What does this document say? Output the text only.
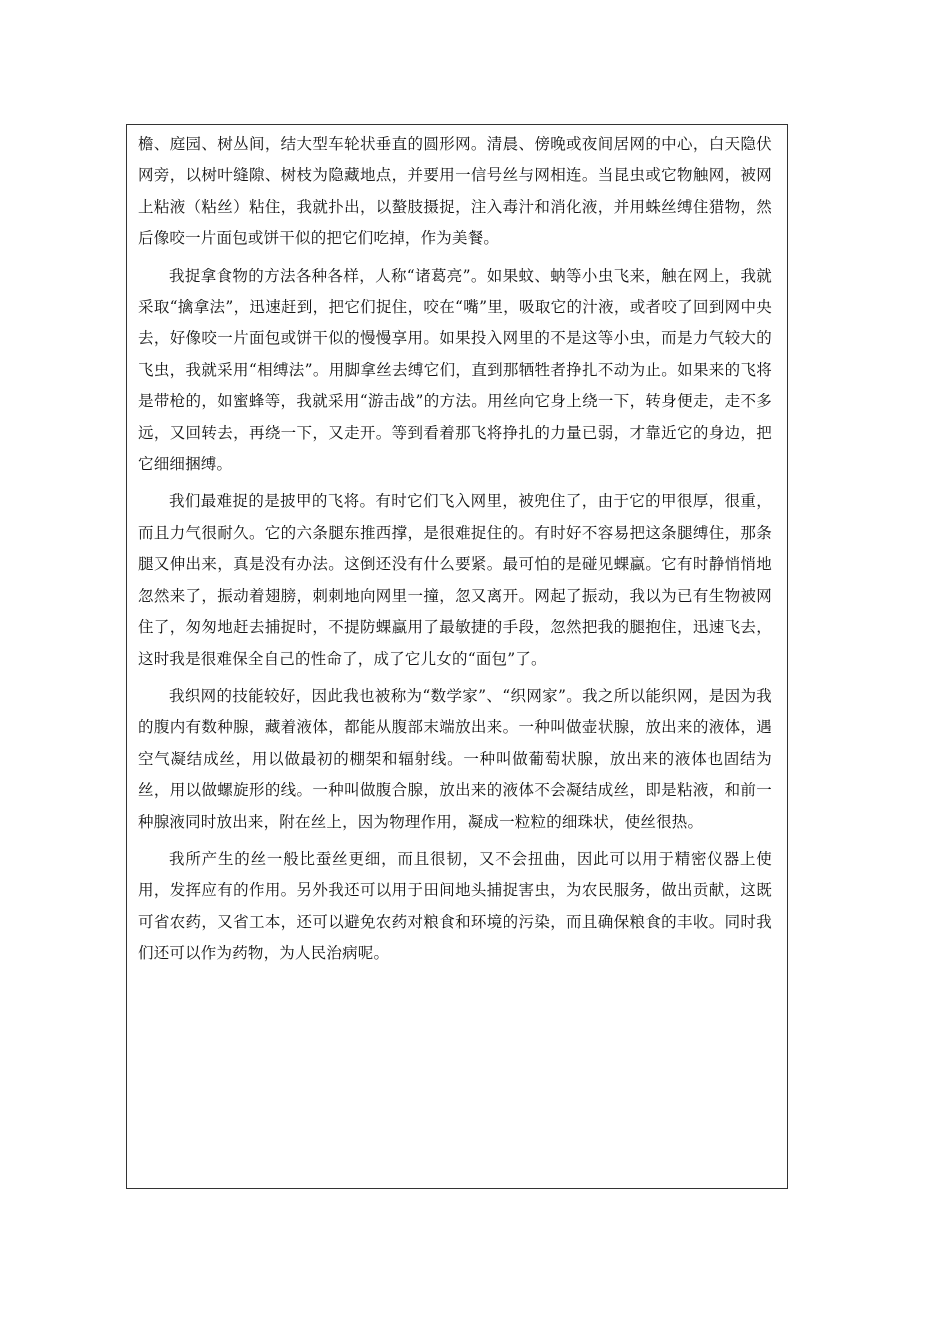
檐、庭园、树丛间，结大型车轮状垂直的圆形网。清晨、傍晚或夜间居网的中心，白天隐伏网旁，以树叶缝隙、树枝为隐藏地点，并要用一信号丝与网相连。当昆虫或它物触网，被网上粘液（粘丝）粘住，我就扑出，以螯肢摄捉，注入毒汁和消化液，并用蛛丝缚住猎物，然后像咬一片面包或饼干似的把它们吃掉，作为美餐。

我捉拿食物的方法各种各样，人称“诸葛亮”。如果蚊、蚋等小虫飞来，触在网上，我就采取“擒拿法”，迅速赶到，把它们捉住，咬在“嘴”里，吸取它的汁液，或者咬了回到网中央去，好像咬一片面包或饼干似的慢慢享用。如果投入网里的不是这等小虫，而是力气较大的飞虫，我就采用“相缚法”。用脚拿丝去缚它们，直到那牺牲者挣扎不动为止。如果来的飞将是带枪的，如蜜蜂等，我就采用“游击战”的方法。用丝向它身上绕一下，转身便走，走不多远，又回转去，再绕一下，又走开。等到看着那飞将挣扎的力量已弱，才靠近它的身边，把它细细捆缚。

我们最难捉的是披甲的飞将。有时它们飞入网里，被兜住了，由于它的甲很厚，很重，而且力气很耐久。它的六条腿东推西撑，是很难捉住的。有时好不容易把这条腿缚住，那条腿又伸出来，真是没有办法。这倒还没有什么要紧。最可怕的是碰见蜾蠃。它有时静悄悄地忽然来了，振动着翅膀，刺刺地向网里一撞，忽又离开。网起了振动，我以为已有生物被网住了，匆匆地赶去捕捉时，不提防蜾蠃用了最敏捷的手段，忽然把我的腿抱住，迅速飞去，这时我是很难保全自己的性命了，成了它儿女的“面包”了。

我织网的技能较好，因此我也被称为“数学家”、“织网家”。我之所以能织网，是因为我的腹内有数种腺，藏着液体，都能从腹部末端放出来。一种叫做壶状腺，放出来的液体，遇空气凝结成丝，用以做最初的棚架和辐射线。一种叫做葡萄状腺，放出来的液体也固结为丝，用以做螺旋形的线。一种叫做腹合腺，放出来的液体不会凝结成丝，即是粘液，和前一种腺液同时放出来，附在丝上，因为物理作用，凝成一粒粒的细珠状，使丝很热。

我所产生的丝一般比蚕丝更细，而且很韧，又不会扭曲，因此可以用于精密仪器上使用，发挥应有的作用。另外我还可以用于田间地头捕捉害虫，为农民服务，做出贡献，这既可省农药，又省工本，还可以避免农药对粮食和环境的污染，而且确保粮食的丰收。同时我们还可以作为药物，为人民治病呢。
